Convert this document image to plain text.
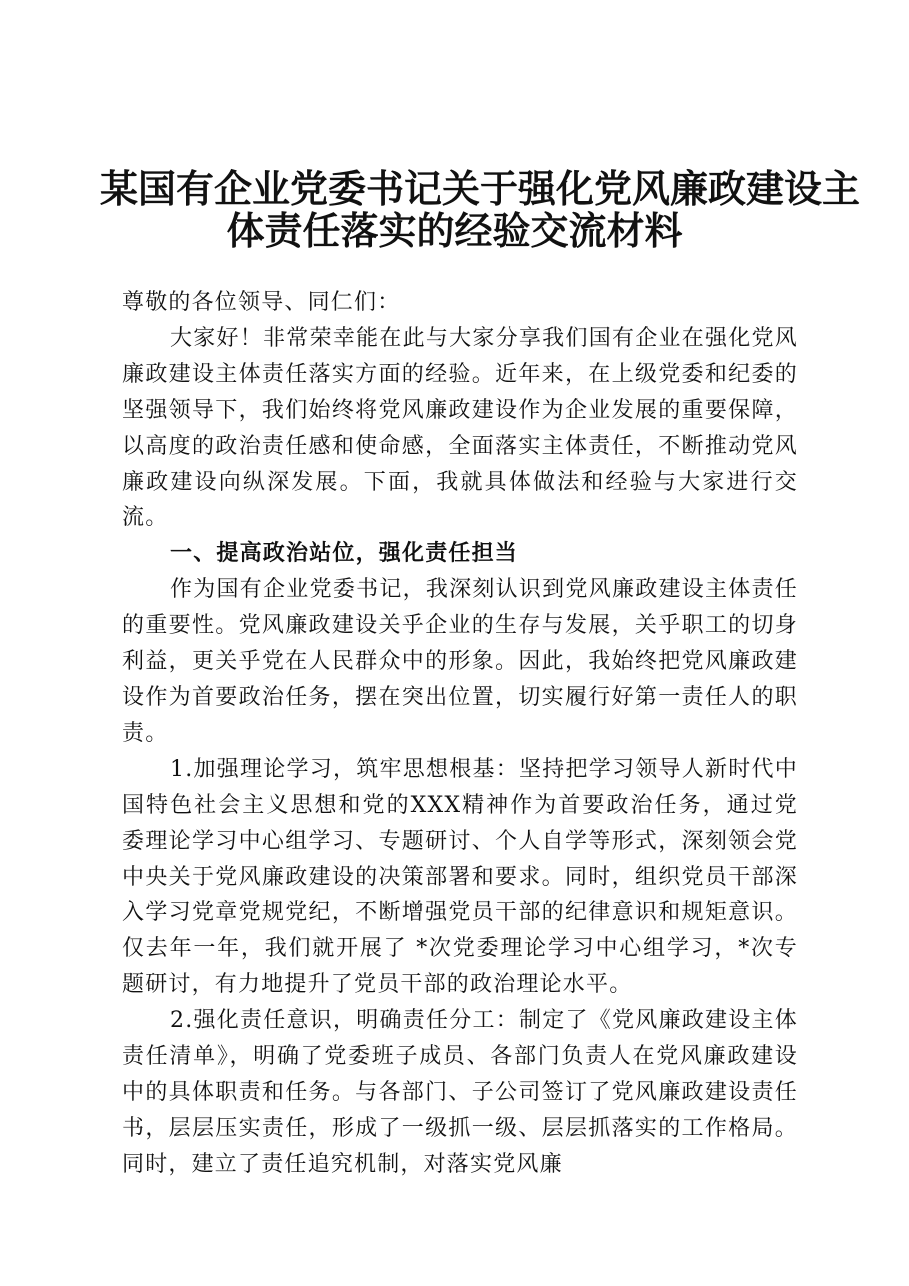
某国有企业党委书记关于强化党风廉政建设主
体责任落实的经验交流材料

尊敬的各位领导、同仁们：

大家好！非常荣幸能在此与大家分享我们国有企业在强化党风廉政建设主体责任落实方面的经验。近年来，在上级党委和纪委的坚强领导下，我们始终将党风廉政建设作为企业发展的重要保障，以高度的政治责任感和使命感，全面落实主体责任，不断推动党风廉政建设向纵深发展。下面，我就具体做法和经验与大家进行交流。

一、提高政治站位，强化责任担当

作为国有企业党委书记，我深刻认识到党风廉政建设主体责任的重要性。党风廉政建设关乎企业的生存与发展，关乎职工的切身利益，更关乎党在人民群众中的形象。因此，我始终把党风廉政建设作为首要政治任务，摆在突出位置，切实履行好第一责任人的职责。

1.加强理论学习，筑牢思想根基：坚持把学习领导人新时代中国特色社会主义思想和党的XXX精神作为首要政治任务，通过党委理论学习中心组学习、专题研讨、个人自学等形式，深刻领会党中央关于党风廉政建设的决策部署和要求。同时，组织党员干部深入学习党章党规党纪，不断增强党员干部的纪律意识和规矩意识。仅去年一年，我们就开展了 *次党委理论学习中心组学习，*次专题研讨，有力地提升了党员干部的政治理论水平。

2.强化责任意识，明确责任分工：制定了《党风廉政建设主体责任清单》，明确了党委班子成员、各部门负责人在党风廉政建设中的具体职责和任务。与各部门、子公司签订了党风廉政建设责任书，层层压实责任，形成了一级抓一级、层层抓落实的工作格局。同时，建立了责任追究机制，对落实党风廉
